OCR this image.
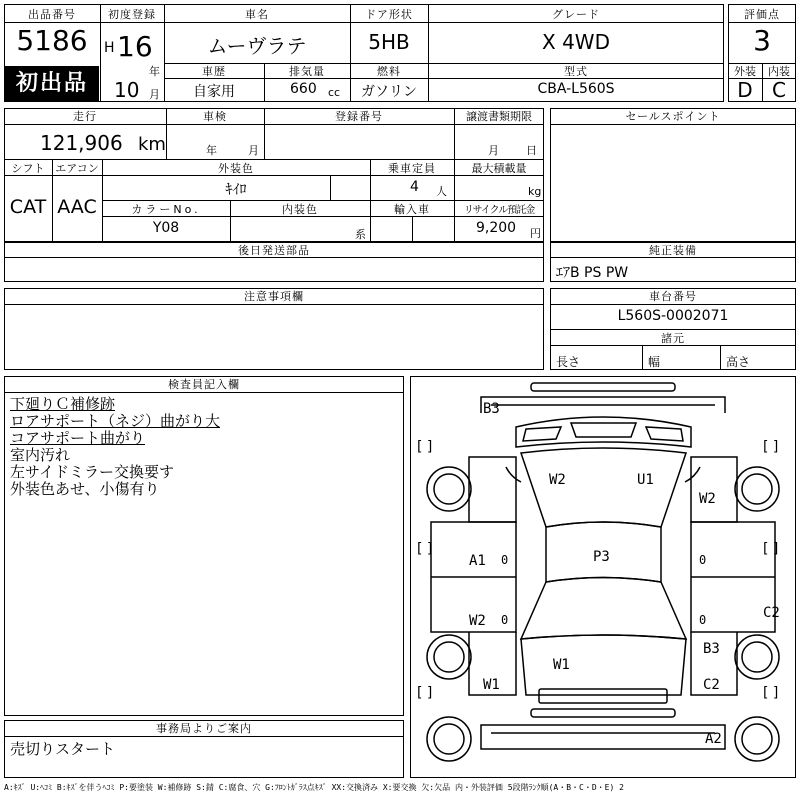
出品番号
5186
初出品
初度登録
H 16
年
10 月
車名
ムーヴラテ
ドア形状
5HB
グレード
X 4WD
車歴
自家用
排気量
660 cc
燃料
ガソリン
型式
CBA-L560S
評価点
3
外装	内装
D C
走行
121,906 km
車検
年	月
登録番号	譲渡書類期限
月 日
シフト エアコン
CAT AAC
外装色
ｷｲﾛ
乗車定員
4 人
最大積載量
kg
カラーNo.
Y08
内装色
系
輸入車	リサイクル預託金
9,200 円
セールスポイント
後日発送部品	純正装備
ｴｱB PS PW
注意事項欄	車台番号
L560S-0002071
諸元
長さ	幅	高さ
検査員記入欄
下廻りＣ補修跡
ロアサポート（ネジ）曲がり大
コアサポート曲がり
室内汚れ
左サイドミラー交換要す
外装色あせ、小傷有り
事務局よりご案内
売切りスタート
[ ]	[ ]
[ ]	[ ]
[ ]	[ ]
B3
W2	U1
W2
A1 0	P3	0
W2 0	0	C2
B3
W1
W1	C2
A2
A:ｷｽﾞ U:ﾍｺﾐ B:ｷｽﾞを伴うﾍｺﾐ P:要塗装 W:補修跡 S:錆 C:腐食、穴 G:ﾌﾛﾝﾄｶﾞﾗｽ点ｷｽﾞ XX:交換済み X:要交換 欠:欠品 内・外装評価 5段階ﾗﾝｸ順(A・B・C・D・E) 2
